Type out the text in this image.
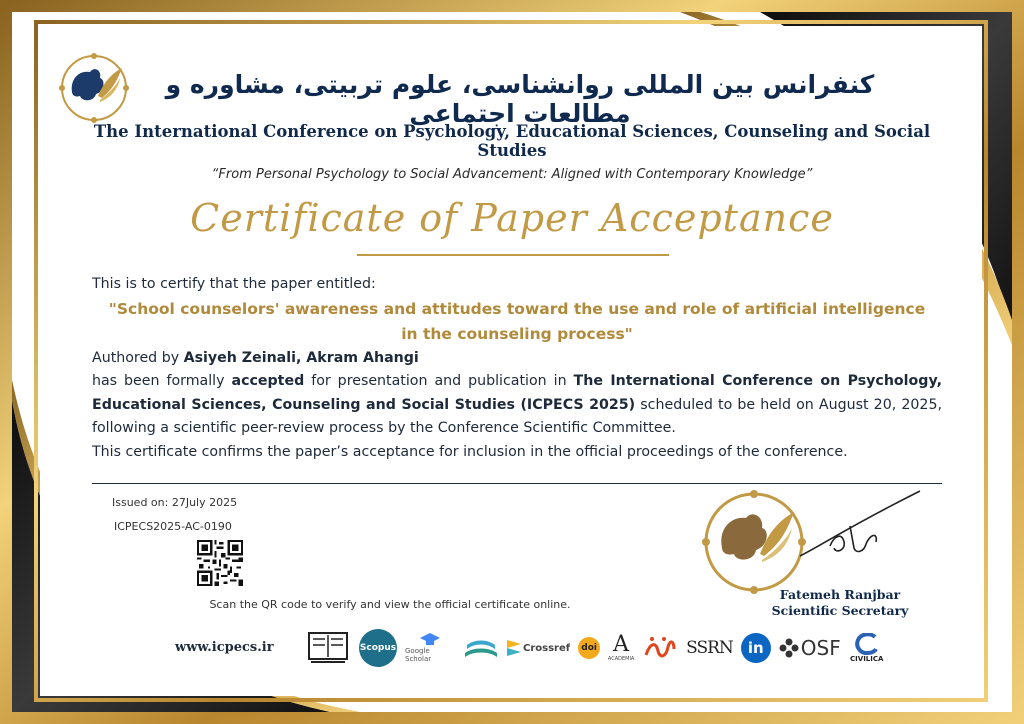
کنفرانس بین المللی روانشناسی، علوم تربیتی، مشاوره و مطالعات اجتماعی
The International Conference on Psychology, Educational Sciences, Counseling and Social Studies
“From Personal Psychology to Social Advancement: Aligned with Contemporary Knowledge”
Certificate of Paper Acceptance
This is to certify that the paper entitled:
"School counselors' awareness and attitudes toward the use and role of artificial intelligence in the counseling process"
Authored by Asiyeh Zeinali, Akram Ahangi
has been formally accepted for presentation and publication in The International Conference on Psychology, Educational Sciences, Counseling and Social Studies (ICPECS 2025) scheduled to be held on August 20, 2025, following a scientific peer-review process by the Conference Scientific Committee.
This certificate confirms the paper’s acceptance for inclusion in the official proceedings of the conference.
Issued on: 27July 2025
ICPECS2025-AC-0190
Scan the QR code to verify and view the official certificate online.
Fatemeh Ranjbar
Scientific Secretary
www.icpecs.ir	Scopus Google Scholar
Crossref doi A
ACADEMIA
SSRN in OSF CIVILICA
